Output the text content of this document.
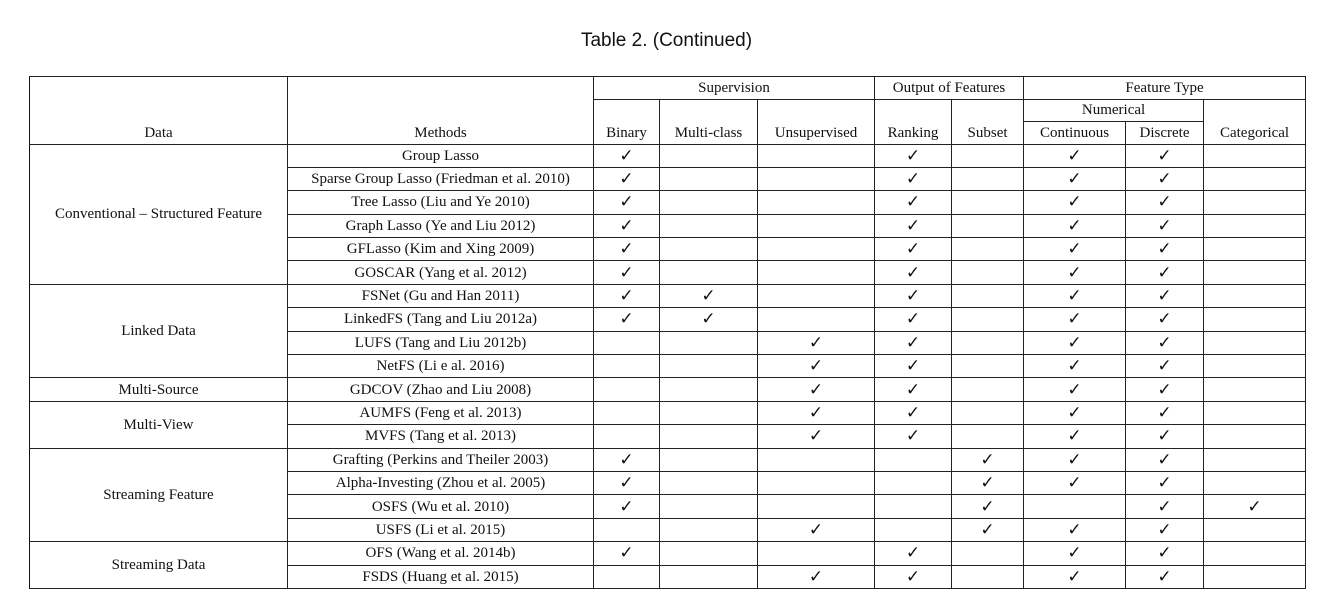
Table 2. (Continued)
Data	Methods	Supervision			Output of Features		Feature Type		
		Binary	Multi-class	Unsupervised	Ranking	Subset	Numerical		Categorical
							Continuous	Discrete	
Conventional – Structured Feature	Group Lasso	✓			✓		✓	✓	
	Sparse Group Lasso (Friedman et al. 2010)	✓			✓		✓	✓	
	Tree Lasso (Liu and Ye 2010)	✓			✓		✓	✓	
	Graph Lasso (Ye and Liu 2012)	✓			✓		✓	✓	
	GFLasso (Kim and Xing 2009)	✓			✓		✓	✓	
	GOSCAR (Yang et al. 2012)	✓			✓		✓	✓	
Linked Data	FSNet (Gu and Han 2011)	✓	✓		✓		✓	✓	
	LinkedFS (Tang and Liu 2012a)	✓	✓		✓		✓	✓	
	LUFS (Tang and Liu 2012b)			✓	✓		✓	✓	
	NetFS (Li e al. 2016)			✓	✓		✓	✓	
Multi-Source	GDCOV (Zhao and Liu 2008)			✓	✓		✓	✓	
Multi-View	AUMFS (Feng et al. 2013)			✓	✓		✓	✓	
	MVFS (Tang et al. 2013)			✓	✓		✓	✓	
Streaming Feature	Grafting (Perkins and Theiler 2003)	✓				✓	✓	✓	
	Alpha-Investing (Zhou et al. 2005)	✓				✓	✓	✓	
	OSFS (Wu et al. 2010)	✓				✓		✓	✓
	USFS (Li et al. 2015)			✓		✓	✓	✓	
Streaming Data	OFS (Wang et al. 2014b)	✓			✓		✓	✓	
	FSDS (Huang et al. 2015)			✓	✓		✓	✓	
